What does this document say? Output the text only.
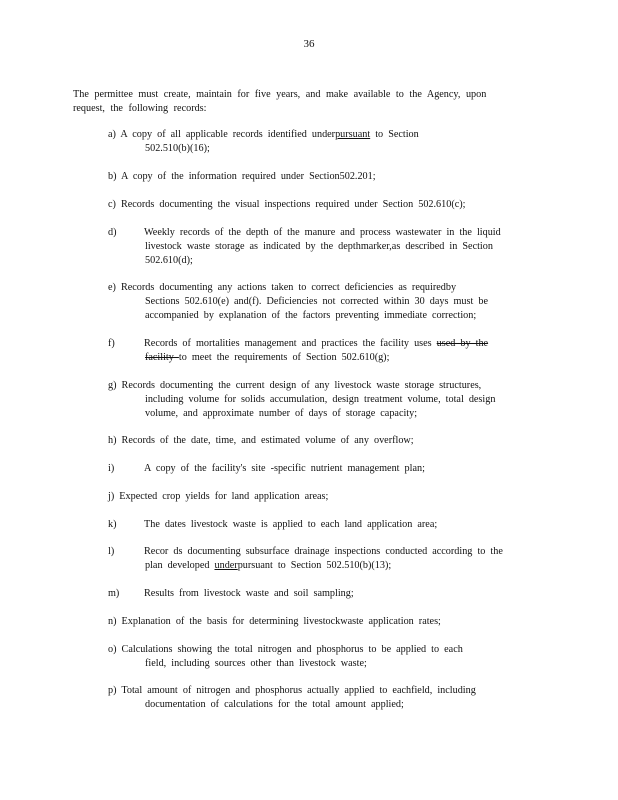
36
The permittee must create, maintain for five years, and make available to the Agency, upon
request, the following records:
a) A copy of all applicable records identified underpursuant to Section
502.510(b)(16);
b) A copy of the information required under Section502.201;
c) Records documenting the visual inspections required under Section 502.610(c);
d)	Weekly records of the depth of the manure and process wastewater in the liquid
livestock waste storage as indicated by the depthmarker,as described in Section
502.610(d);
e) Records documenting any actions taken to correct deficiencies as requiredby
Sections 502.610(e) and(f). Deficiencies not corrected within 30 days must be
accompanied by explanation of the factors preventing immediate correction;
f)	Records of mortalities management and practices the facility uses used by the
facility to meet the requirements of Section 502.610(g);
g) Records documenting the current design of any livestock waste storage structures,
including volume for solids accumulation, design treatment volume, total design
volume, and approximate number of days of storage capacity;
h) Records of the date, time, and estimated volume of any overflow;
i)	A copy of the facility's site -specific nutrient management plan;
j) Expected crop yields for land application areas;
k)	The dates livestock waste is applied to each land application area;
l)	Recor ds documenting subsurface drainage inspections conducted according to the
plan developed underpursuant to Section 502.510(b)(13);
m) Results from livestock waste and soil sampling;
n) Explanation of the basis for determining livestockwaste application rates;
o) Calculations showing the total nitrogen and phosphorus to be applied to each
field, including sources other than livestock waste;
p) Total amount of nitrogen and phosphorus actually applied to eachfield, including
documentation of calculations for the total amount applied;
